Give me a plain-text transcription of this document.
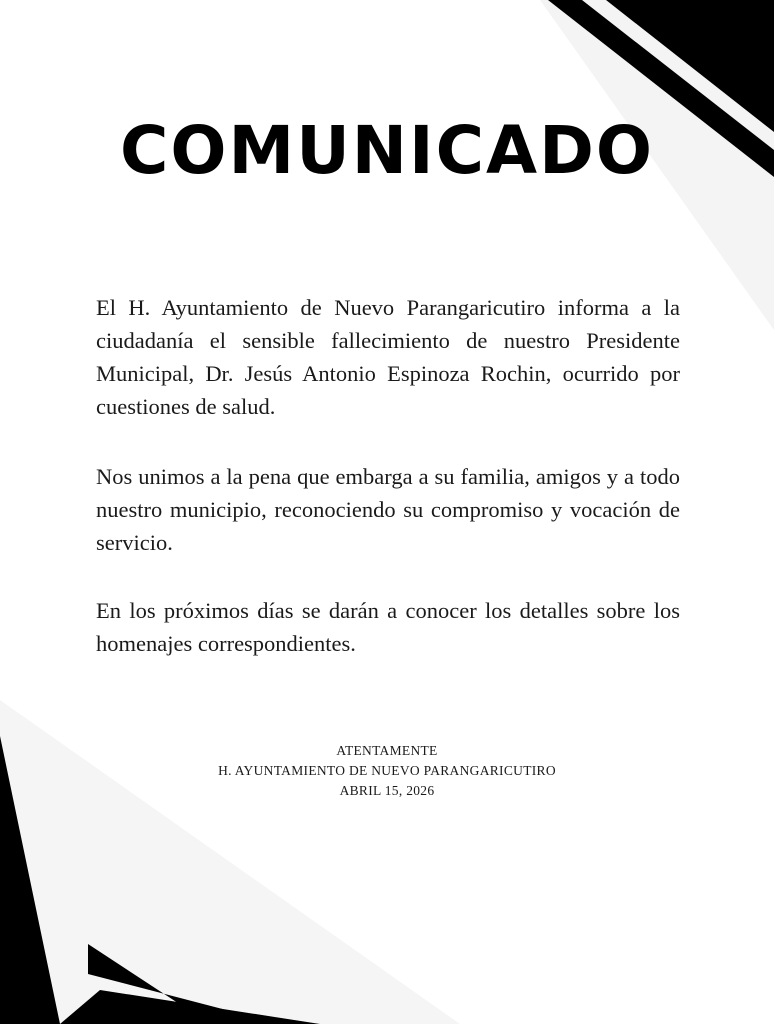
COMUNICADO

El H. Ayuntamiento de Nuevo Parangaricutiro informa a la ciudadanía el sensible fallecimiento de nuestro Presidente Municipal, Dr. Jesús Antonio Espinoza Rochin, ocurrido por cuestiones de salud.

Nos unimos a la pena que embarga a su familia, amigos y a todo nuestro municipio, reconociendo su compromiso y vocación de servicio.

En los próximos días se darán a conocer los detalles sobre los homenajes correspondientes.

ATENTAMENTE
H. AYUNTAMIENTO DE NUEVO PARANGARICUTIRO
ABRIL 15, 2026
